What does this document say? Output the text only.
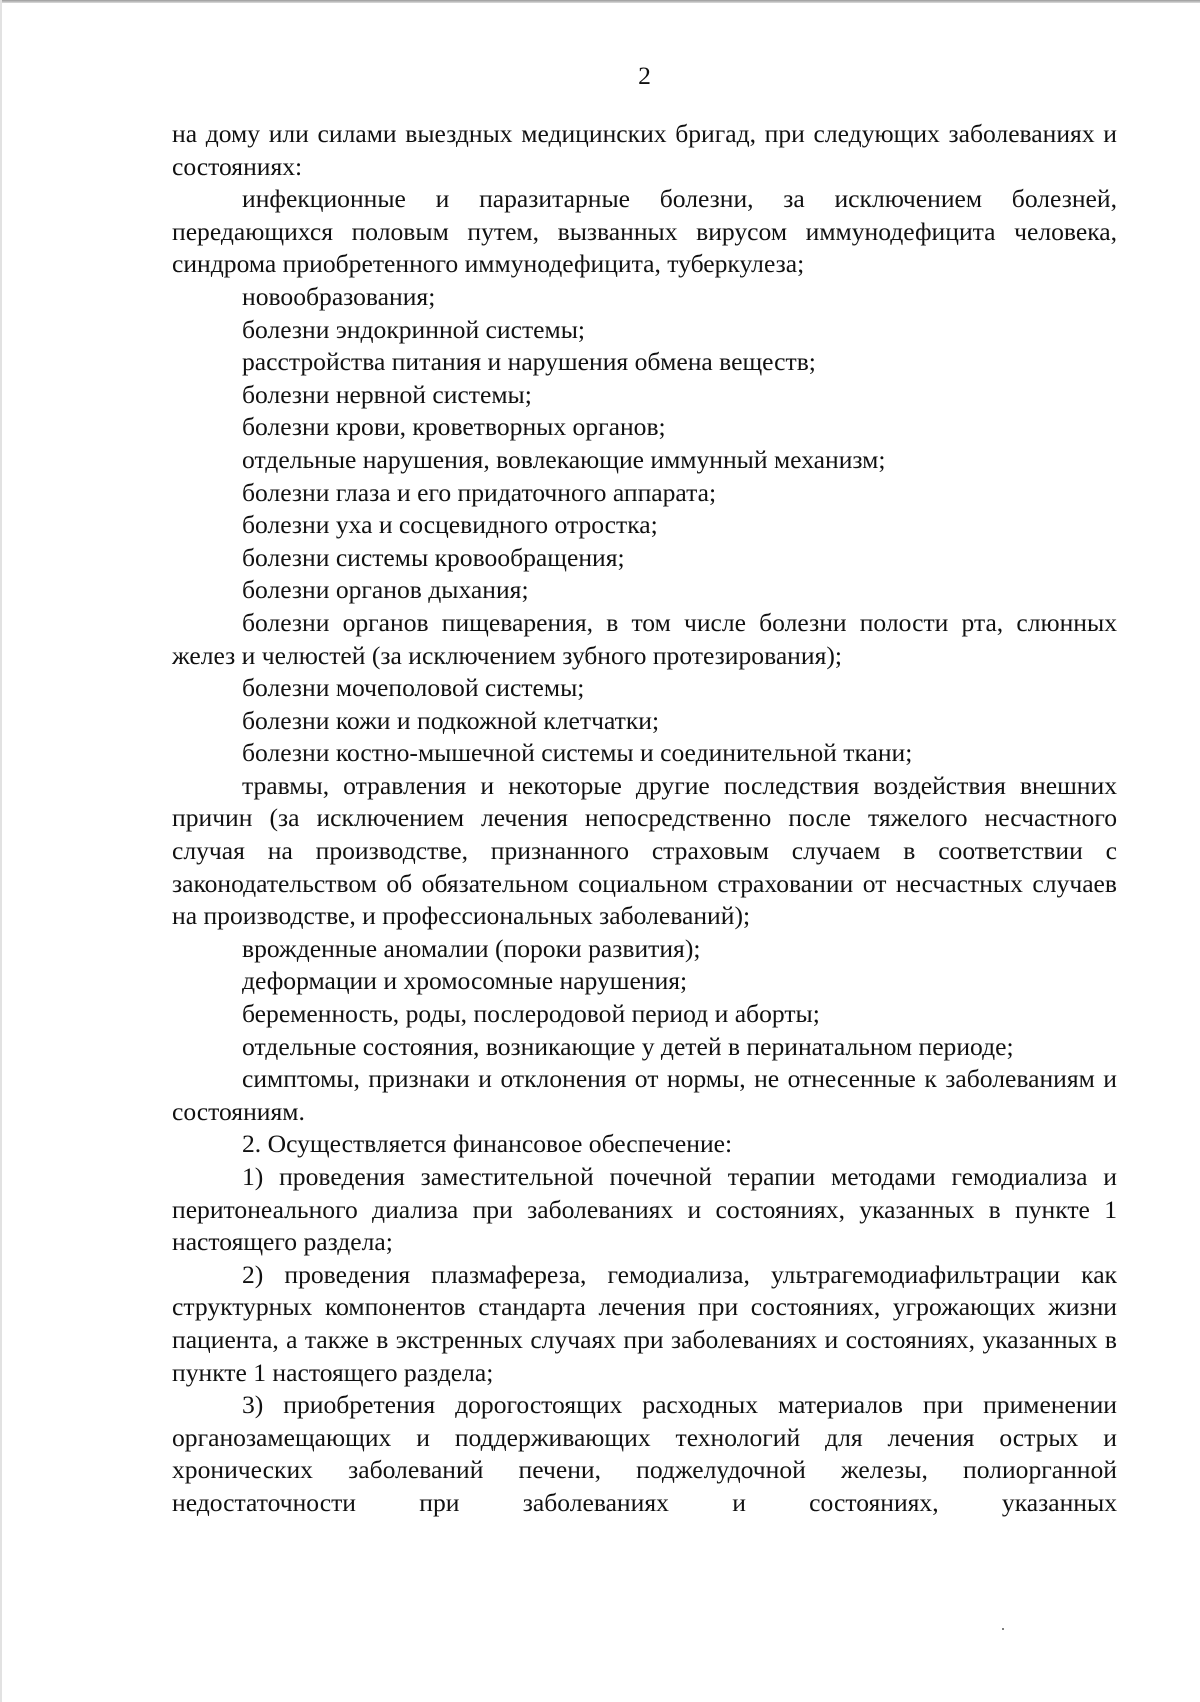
2

на дому или силами выездных медицинских бригад, при следующих заболеваниях и состояниях:

инфекционные и паразитарные болезни, за исключением болезней, передающихся половым путем, вызванных вирусом иммунодефицита человека, синдрома приобретенного иммунодефицита, туберкулеза;

новообразования;

болезни эндокринной системы;

расстройства питания и нарушения обмена веществ;

болезни нервной системы;

болезни крови, кроветворных органов;

отдельные нарушения, вовлекающие иммунный механизм;

болезни глаза и его придаточного аппарата;

болезни уха и сосцевидного отростка;

болезни системы кровообращения;

болезни органов дыхания;

болезни органов пищеварения, в том числе болезни полости рта, слюнных желез и челюстей (за исключением зубного протезирования);

болезни мочеполовой системы;

болезни кожи и подкожной клетчатки;

болезни костно-мышечной системы и соединительной ткани;

травмы, отравления и некоторые другие последствия воздействия внешних причин (за исключением лечения непосредственно после тяжелого несчастного случая на производстве, признанного страховым случаем в соответствии с законодательством об обязательном социальном страховании от несчастных случаев на производстве, и профессиональных заболеваний);

врожденные аномалии (пороки развития);

деформации и хромосомные нарушения;

беременность, роды, послеродовой период и аборты;

отдельные состояния, возникающие у детей в перинатальном периоде;

симптомы, признаки и отклонения от нормы, не отнесенные к заболеваниям и состояниям.

2. Осуществляется финансовое обеспечение:

1) проведения заместительной почечной терапии методами гемодиализа и перитонеального диализа при заболеваниях и состояниях, указанных в пункте 1 настоящего раздела;

2) проведения плазмафереза, гемодиализа, ультрагемодиафильтрации как структурных компонентов стандарта лечения при состояниях, угрожающих жизни пациента, а также в экстренных случаях при заболеваниях и состояниях, указанных в пункте 1 настоящего раздела;

3) приобретения дорогостоящих расходных материалов при применении органозамещающих и поддерживающих технологий для лечения острых и хронических заболеваний печени, поджелудочной железы, полиорганной недостаточности при заболеваниях и состояниях, указанных
